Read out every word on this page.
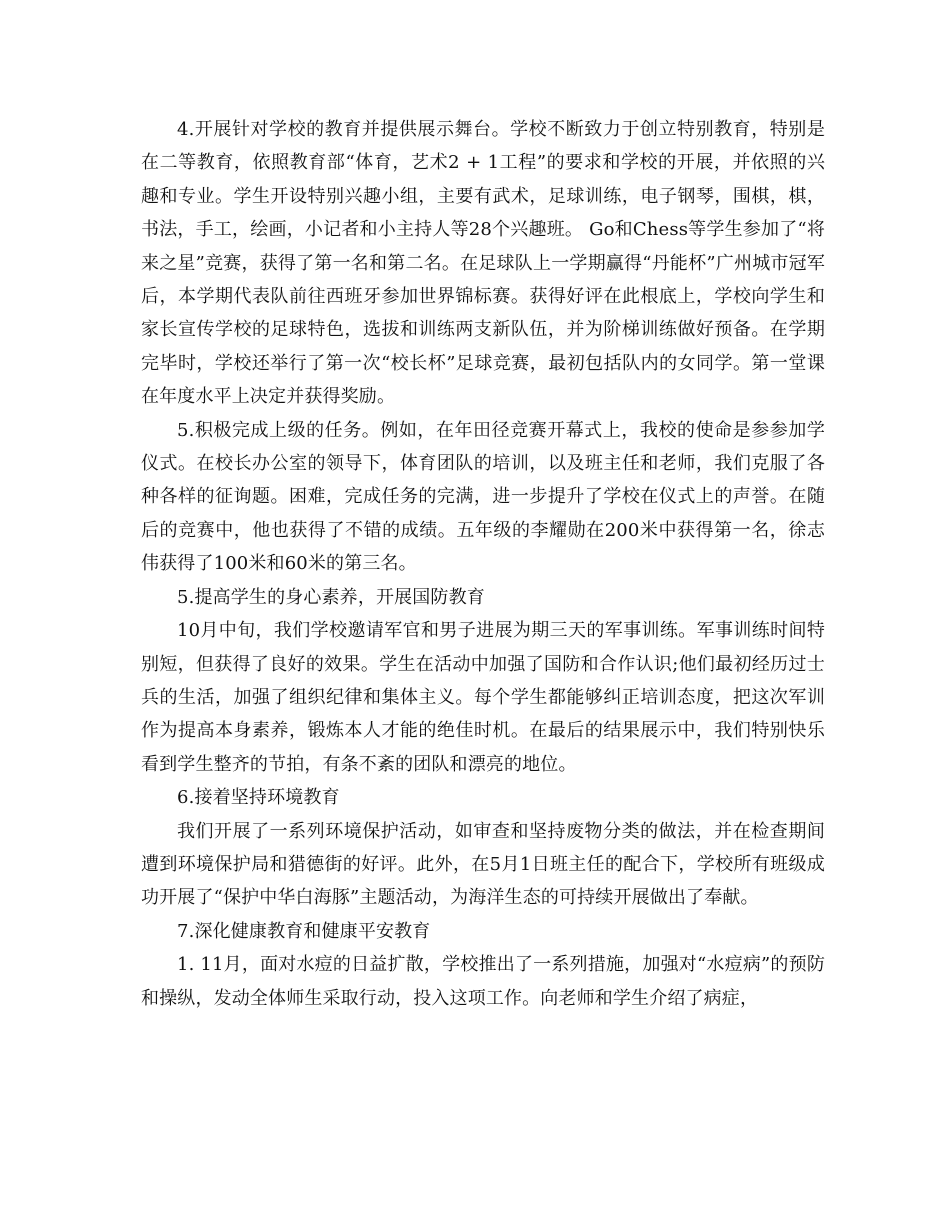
4.开展针对学校的教育并提供展示舞台。学校不断致力于创立特别教育，特别是在二等教育，依照教育部“体育，艺术2 + 1工程”的要求和学校的开展，并依照的兴趣和专业。学生开设特别兴趣小组，主要有武术，足球训练，电子钢琴，围棋，棋，书法，手工，绘画，小记者和小主持人等28个兴趣班。 Go和Chess等学生参加了“将来之星”竞赛，获得了第一名和第二名。在足球队上一学期赢得“丹能杯”广州城市冠军后，本学期代表队前往西班牙参加世界锦标赛。获得好评在此根底上，学校向学生和家长宣传学校的足球特色，选拔和训练两支新队伍，并为阶梯训练做好预备。在学期完毕时，学校还举行了第一次“校长杯”足球竞赛，最初包括队内的女同学。第一堂课在年度水平上决定并获得奖励。

5.积极完成上级的任务。例如，在年田径竞赛开幕式上，我校的使命是参参加学仪式。在校长办公室的领导下，体育团队的培训，以及班主任和老师，我们克服了各种各样的征询题。困难，完成任务的完满，进一步提升了学校在仪式上的声誉。在随后的竞赛中，他也获得了不错的成绩。五年级的李耀勋在200米中获得第一名，徐志伟获得了100米和60米的第三名。

5.提高学生的身心素养，开展国防教育

10月中旬，我们学校邀请军官和男子进展为期三天的军事训练。军事训练时间特别短，但获得了良好的效果。学生在活动中加强了国防和合作认识;他们最初经历过士兵的生活，加强了组织纪律和集体主义。每个学生都能够纠正培训态度，把这次军训作为提高本身素养，锻炼本人才能的绝佳时机。在最后的结果展示中，我们特别快乐看到学生整齐的节拍，有条不紊的团队和漂亮的地位。

6.接着坚持环境教育

我们开展了一系列环境保护活动，如审查和坚持废物分类的做法，并在检查期间遭到环境保护局和猎德街的好评。此外，在5月1日班主任的配合下，学校所有班级成功开展了“保护中华白海豚”主题活动，为海洋生态的可持续开展做出了奉献。

7.深化健康教育和健康平安教育

1. 11月，面对水痘的日益扩散，学校推出了一系列措施，加强对“水痘病”的预防和操纵，发动全体师生采取行动，投入这项工作。向老师和学生介绍了病症，
